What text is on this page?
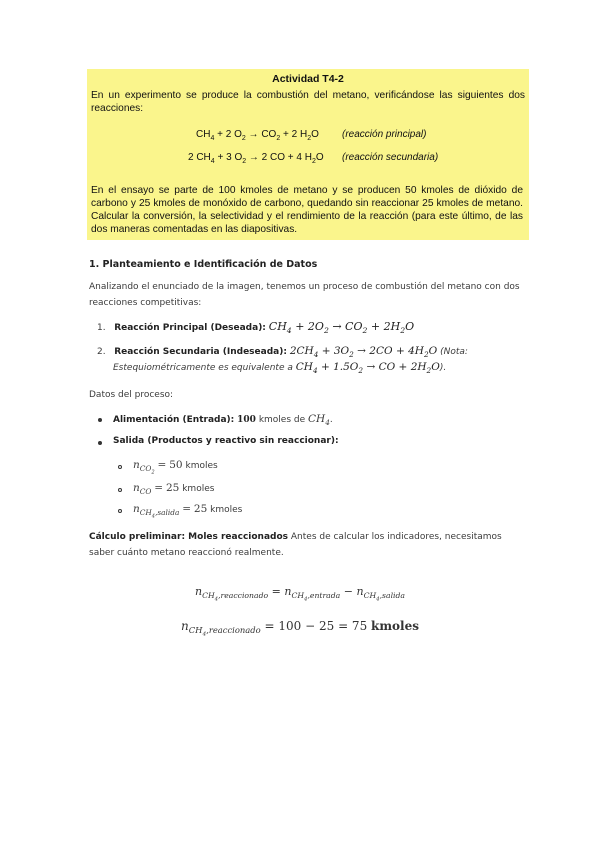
Actividad T4-2
En un experimento se produce la combustión del metano, verificándose las siguientes dos reacciones:
$CH_4 + 2$ $O_2 \to CO_2 + 2$ $H_2O$ (reacción principal)
2 $CH_4 + 3$ $O_2 \to 2$ CO + 4 $H_2O$ (reacción secundaria)
En el ensayo se parte de 100 kmoles de metano y se producen 50 kmoles de dióxido de carbono y 25 kmoles de monóxido de carbono, quedando sin reaccionar 25 kmoles de metano. Calcular la conversión, la selectividad y el rendimiento de la reacción (para este último, de las dos maneras comentadas en las diapositivas.
1. Planteamiento e Identificación de Datos
Analizando el enunciado de la imagen, tenemos un proceso de combustión del metano con dos
reacciones competitivas:
1. Reacción Principal (Deseada): $CH_4 + 2O_2 \to CO_2 + 2H_2O$
2. Reacción Secundaria (Indeseada): $2CH_4 + 3O_2 \to 2CO + 4H_2O$ (Nota:
Estequiométricamente es equivalente a $CH_4 + 1.5O_2$ → CO + $2H_2O$).
Datos del proceso:
Alimentación (Entrada): 100 kmoles de $CH_4$.
Salida (Productos y reactivo sin reaccionar):
$n_{CO_2} = 50$ kmoles
$n_{CO} = 25$ kmoles
$n_{CH_4,salida} = 25$ kmoles
Cálculo preliminar: Moles reaccionados Antes de calcular los indicadores, necesitamos
saber cuánto metano reaccionó realmente.
$n_{CH_4,reaccionado} = n_{CH_4,entrada} - n_{CH_4,salida}$
$n_{CH_4,reaccionado} = 100 - 25 = 75$ kmoles
